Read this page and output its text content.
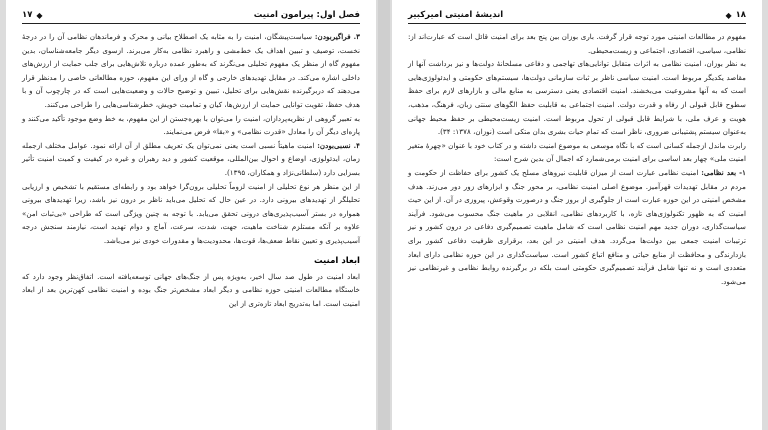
۱۷ ◆	فصل اول: پیرامون امنیت

۳. فراگیربودن: سیاست‌پیشگان، امنیت را به مثابه یک اصطلاح بیانی و محرک و فرماندهان نظامی آن را در درجهٔ نخست، توصیف و تبیین اهداف یک خط‌مشی و راهبرد نظامی به‌کار می‌برند. ازسوی دیگر جامعه‌شناسان، بدین مفهوم گاه از منظر یک مفهوم تحلیلی می‌نگرند که به‌طور عمده درباره تلاش‌هایی برای جلب حمایت از ارزش‌های داخلی اشاره می‌کند. در مقابل تهدیدهای خارجی و گاه از ورای این مفهوم، حوزه مطالعاتی خاصی را مدنظر قرار می‌دهند که دربرگیرنده نقش‌هایی برای تحلیل، تبیین و توضیح حالات و وضعیت‌هایی است که در چارچوب آن و با هدف حفظ، تقویت توانایی حمایت از ارزش‌ها، کیان و تمامیت خویش، خطرشناسی‌هایی را طراحی می‌کنند.

به تعبیر گروهی از نظریه‌پردازان، امنیت را می‌توان با بهره‌جستن از این مفهوم، به خط وضع موجود تأکید می‌کنند و پاره‌ای دیگر آن را معادل «قدرت نظامی» و «بقا» فرض می‌نمایند.

۴. نسبی‌بودن: امنیت ماهیتاً نسبی است یعنی نمی‌توان یک تعریف مطلق از آن ارائه نمود. عوامل مختلف ازجمله زمان، ایدئولوژی، اوضاع و احوال بین‌المللی، موقعیت کشور و دید رهبران و غیره در کیفیت و کمیت امنیت تأثیر بسزایی دارد (سلطانی‌نژاد و همکاران، ۱۳۹۵).

از این منظر هر نوع تحلیلی از امنیت لزوماً تحلیلی برون‌گرا خواهد بود و رابطه‌ای مستقیم با تشخیص و ارزیابی تحلیلگر از تهدیدهای بیرونی دارد. در عین حال که تحلیل می‌باید ناظر بر درون نیز باشد، زیرا تهدیدهای بیرونی همواره در بستر آسیب‌پذیری‌های درونی تحقق می‌یابد. با توجه به چنین ویژگی است که طراحی «بی‌ثبات امن» علاوه بر آنکه مستلزم شناخت ماهیت، جهت، شدت، سرعت، آماج و دوام تهدید است، نیازمند سنجش درجه آسیب‌پذیری و تعیین نقاط ضعف‌ها، قوت‌ها، محدودیت‌ها و مقدورات خودی نیز می‌باشد.

ابعاد امنیت

ابعاد امنیت در طول صد سال اخیر، به‌ویژه پس از جنگ‌های جهانی توسعه‌یافته است. اتفاق‌نظر وجود دارد که خاستگاه مطالعات امنیتی حوزه نظامی و دیگر ابعاد مشخص‌تر جنگ بوده و امنیت نظامی کهن‌ترین بعد از ابعاد امنیت است. اما به‌تدریج ابعاد تازه‌تری از این

اندیشهٔ امنیتی امیرکبیر	◆ ۱۸

مفهوم در مطالعات امنیتی مورد توجه قرار گرفت. باری بوزان بین پنج بعد برای امنیت قائل است که عبارت‌اند از: نظامی، سیاسی، اقتصادی، اجتماعی و زیست‌محیطی.

به نظر بوزان، امنیت نظامی به اثرات متقابل توانایی‌های تهاجمی و دفاعی مسلحانهٔ دولت‌ها و نیز برداشت آنها از مقاصد یکدیگر مربوط است. امنیت سیاسی ناظر بر ثبات سازمانی دولت‌ها، سیستم‌های حکومتی و ایدئولوژی‌هایی است که به آنها مشروعیت می‌بخشند. امنیت اقتصادی یعنی دسترسی به منابع مالی و بازارهای لازم برای حفظ سطوح قابل قبولی از رفاه و قدرت دولت. امنیت اجتماعی به قابلیت حفظ الگوهای سنتی زبان، فرهنگ، مذهب، هویت و عرف ملی، با شرایط قابل قبولی از تحول مربوط است. امنیت زیست‌محیطی بر حفظ محیط جهانی به‌عنوان سیستم پشتیبانی ضروری، ناظر است که تمام حیات بشری بدان متکی است (نوزان، ۱۳۷۸: ۳۴).

رابرت ماندل ازجمله کسانی است که با نگاه موسعی به موضوع امنیت داشته و در کتاب خود با عنوان «چهرهٔ متغیر امنیت ملی» چهار بعد اساسی برای امنیت برمی‌شمارد که اجمال آن بدین شرح است:

۱- بعد نظامی: امنیت نظامی عبارت است از میزان قابلیت نیروهای مسلح یک کشور برای حفاظت از حکومت و مردم در مقابل تهدیدات قهرآمیز. موضوع اصلی امنیت نظامی، بر محور جنگ و ابزارهای زور دور می‌زند. هدف مشخص امنیتی در این حوزه عبارت است از جلوگیری از بروز جنگ و درصورت وقوعش، پیروزی در آن. از این حیث امنیت که به ظهور تکنولوژی‌های تازه، با کاربردهای نظامی، انقلابی در ماهیت جنگ محسوب می‌شود. فرآیند سیاست‌گذاری، دوران جدید مهم امنیت نظامی است که شامل ماهیت تصمیم‌گیری دفاعی در درون کشور و نیز ترتیبات امنیت جمعی بین دولت‌ها می‌گردد. هدف امنیتی در این بعد، برقراری ظرفیت دفاعی کشور برای بازدارندگی و محافظت از منابع حیاتی و منافع اتباع کشور است. سیاست‌گذاری در این حوزه نظامی دارای ابعاد متعددی است و نه تنها شامل فرآیند تصمیم‌گیری حکومتی است بلکه در برگیرنده روابط نظامی و غیرنظامی نیز می‌شود.
